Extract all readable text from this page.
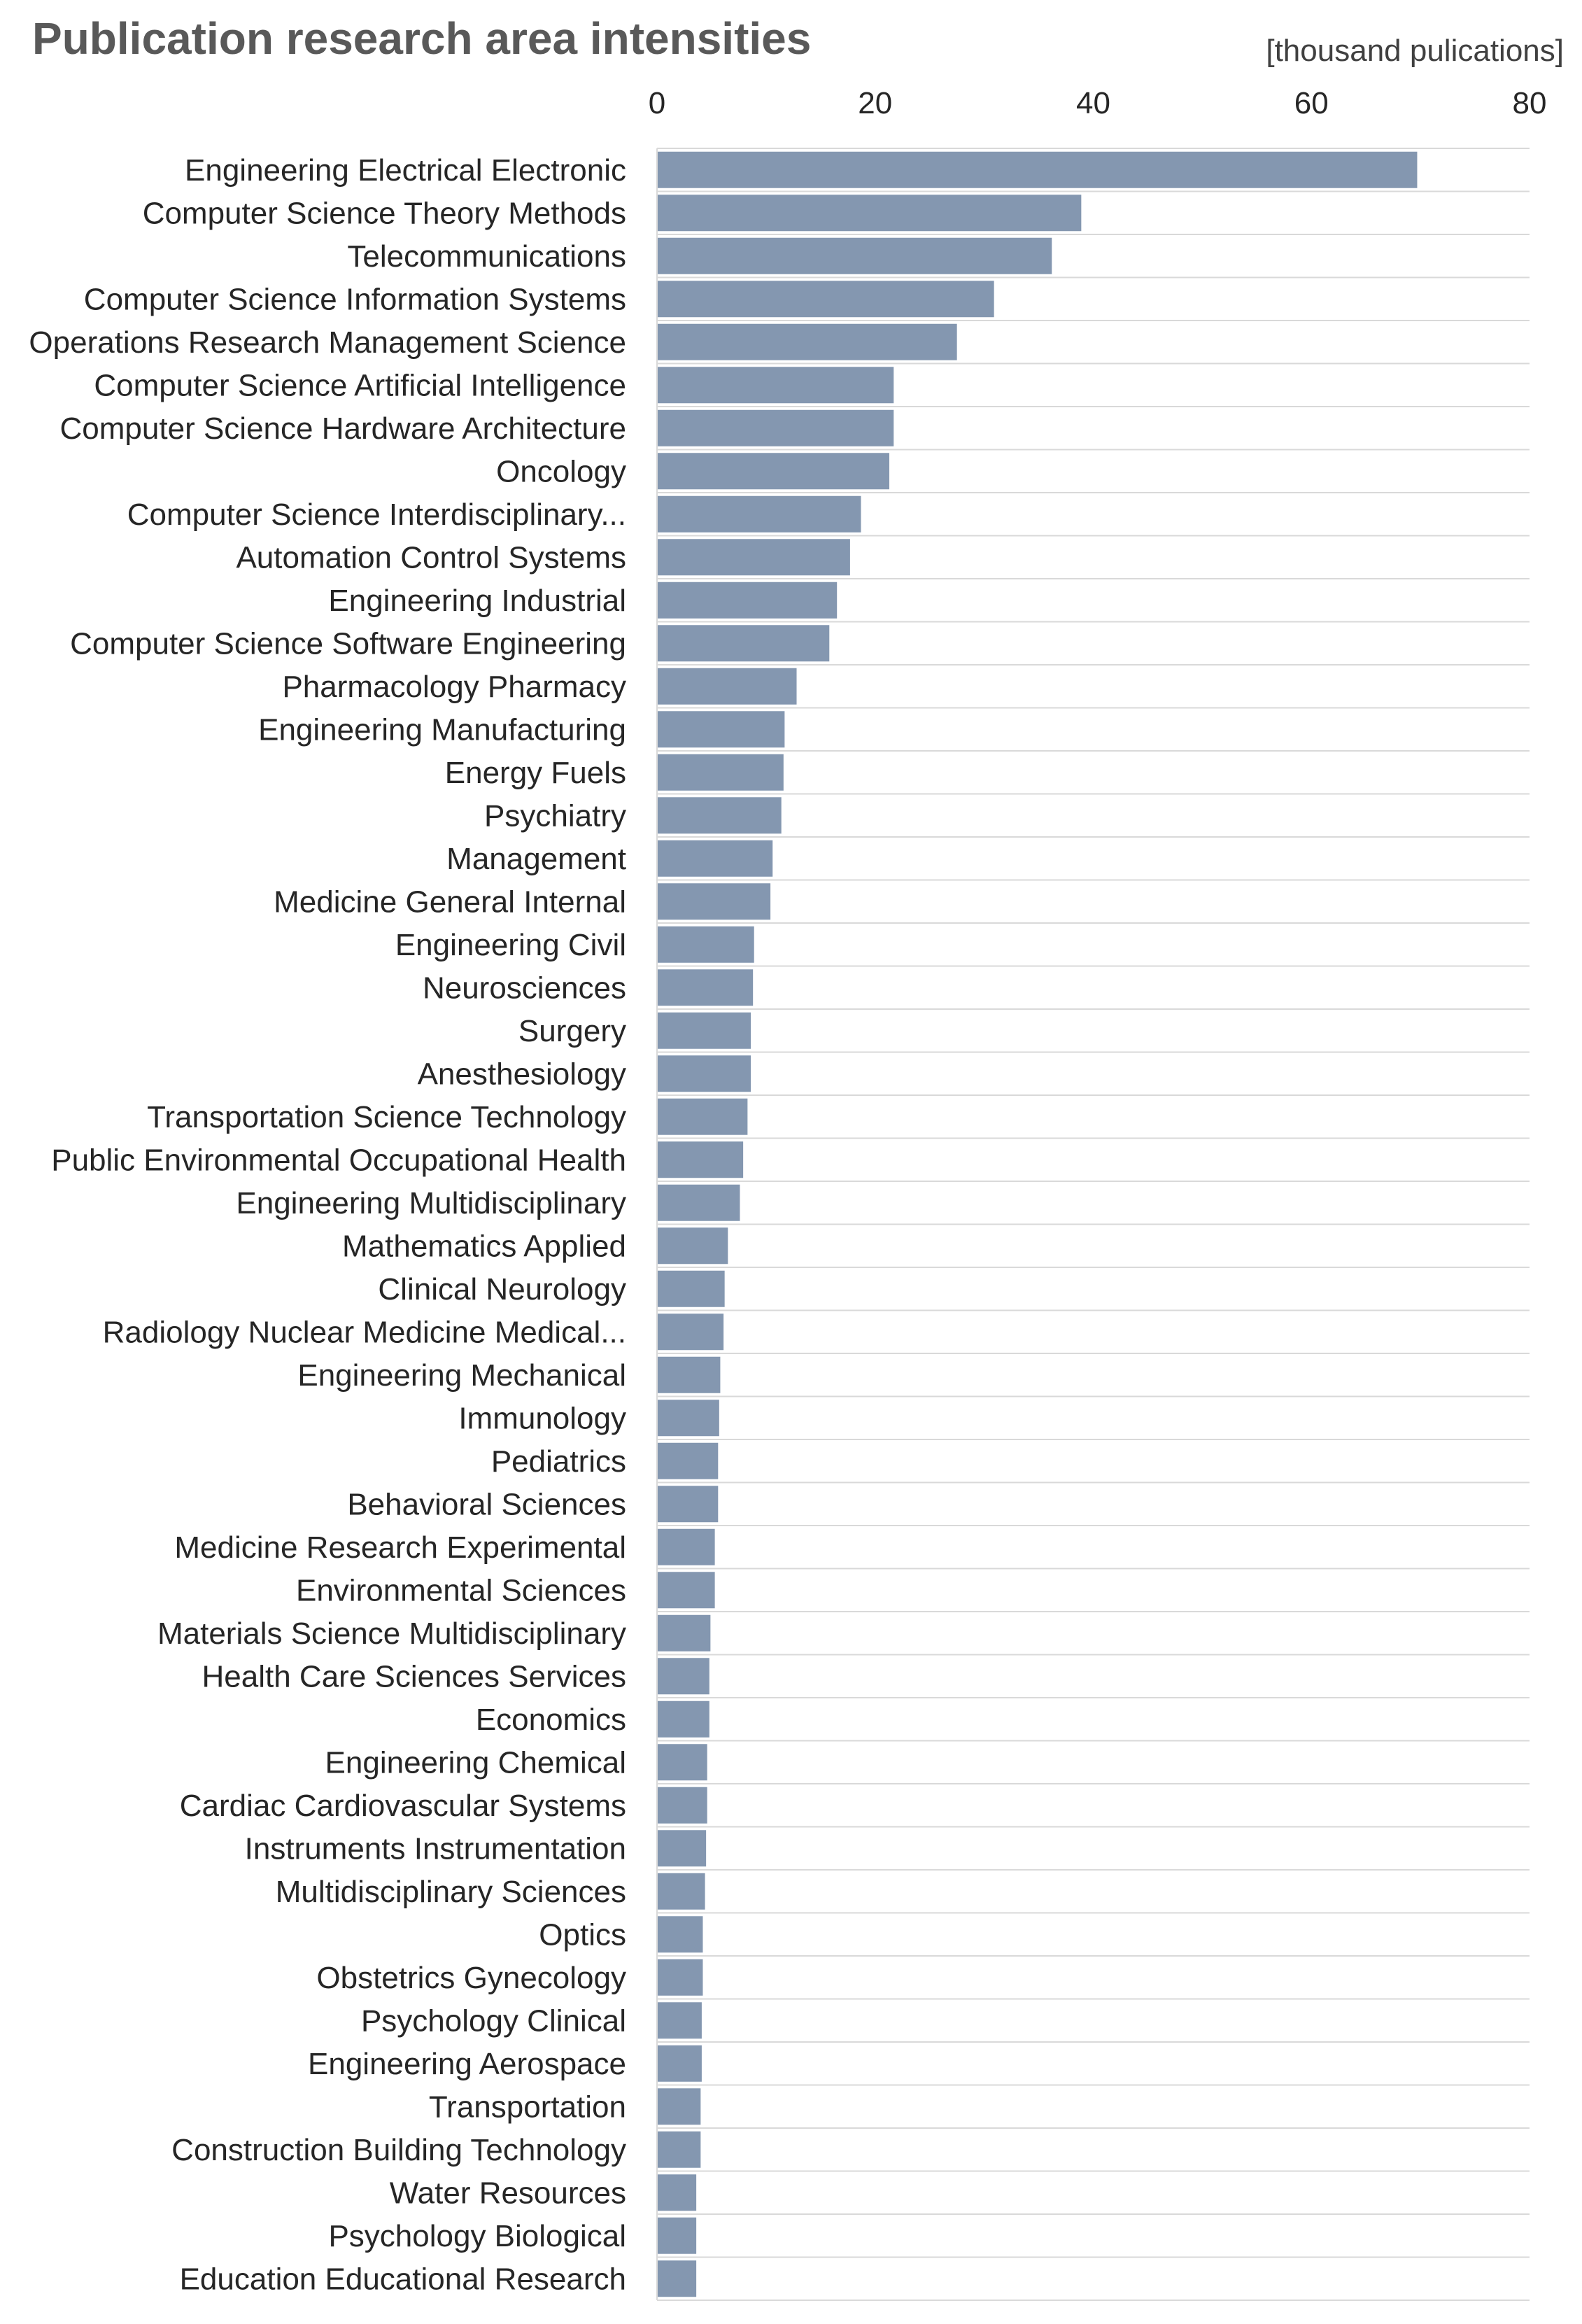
Publication research area intensities	[thousand pulications]
0	20	40	60	80
Engineering Electrical Electronic
Computer Science Theory Methods
Telecommunications
Computer Science Information Systems
Operations Research Management Science
Computer Science Artificial Intelligence
Computer Science Hardware Architecture
Oncology
Computer Science Interdisciplinary...
Automation Control Systems
Engineering Industrial
Computer Science Software Engineering
Pharmacology Pharmacy
Engineering Manufacturing
Energy Fuels
Psychiatry
Management
Medicine General Internal
Engineering Civil
Neurosciences
Surgery
Anesthesiology
Transportation Science Technology
Public Environmental Occupational Health
Engineering Multidisciplinary
Mathematics Applied
Clinical Neurology
Radiology Nuclear Medicine Medical...
Engineering Mechanical
Immunology
Pediatrics
Behavioral Sciences
Medicine Research Experimental
Environmental Sciences
Materials Science Multidisciplinary
Health Care Sciences Services
Economics
Engineering Chemical
Cardiac Cardiovascular Systems
Instruments Instrumentation
Multidisciplinary Sciences
Optics
Obstetrics Gynecology
Psychology Clinical
Engineering Aerospace
Transportation
Construction Building Technology
Water Resources
Psychology Biological
Education Educational Research
